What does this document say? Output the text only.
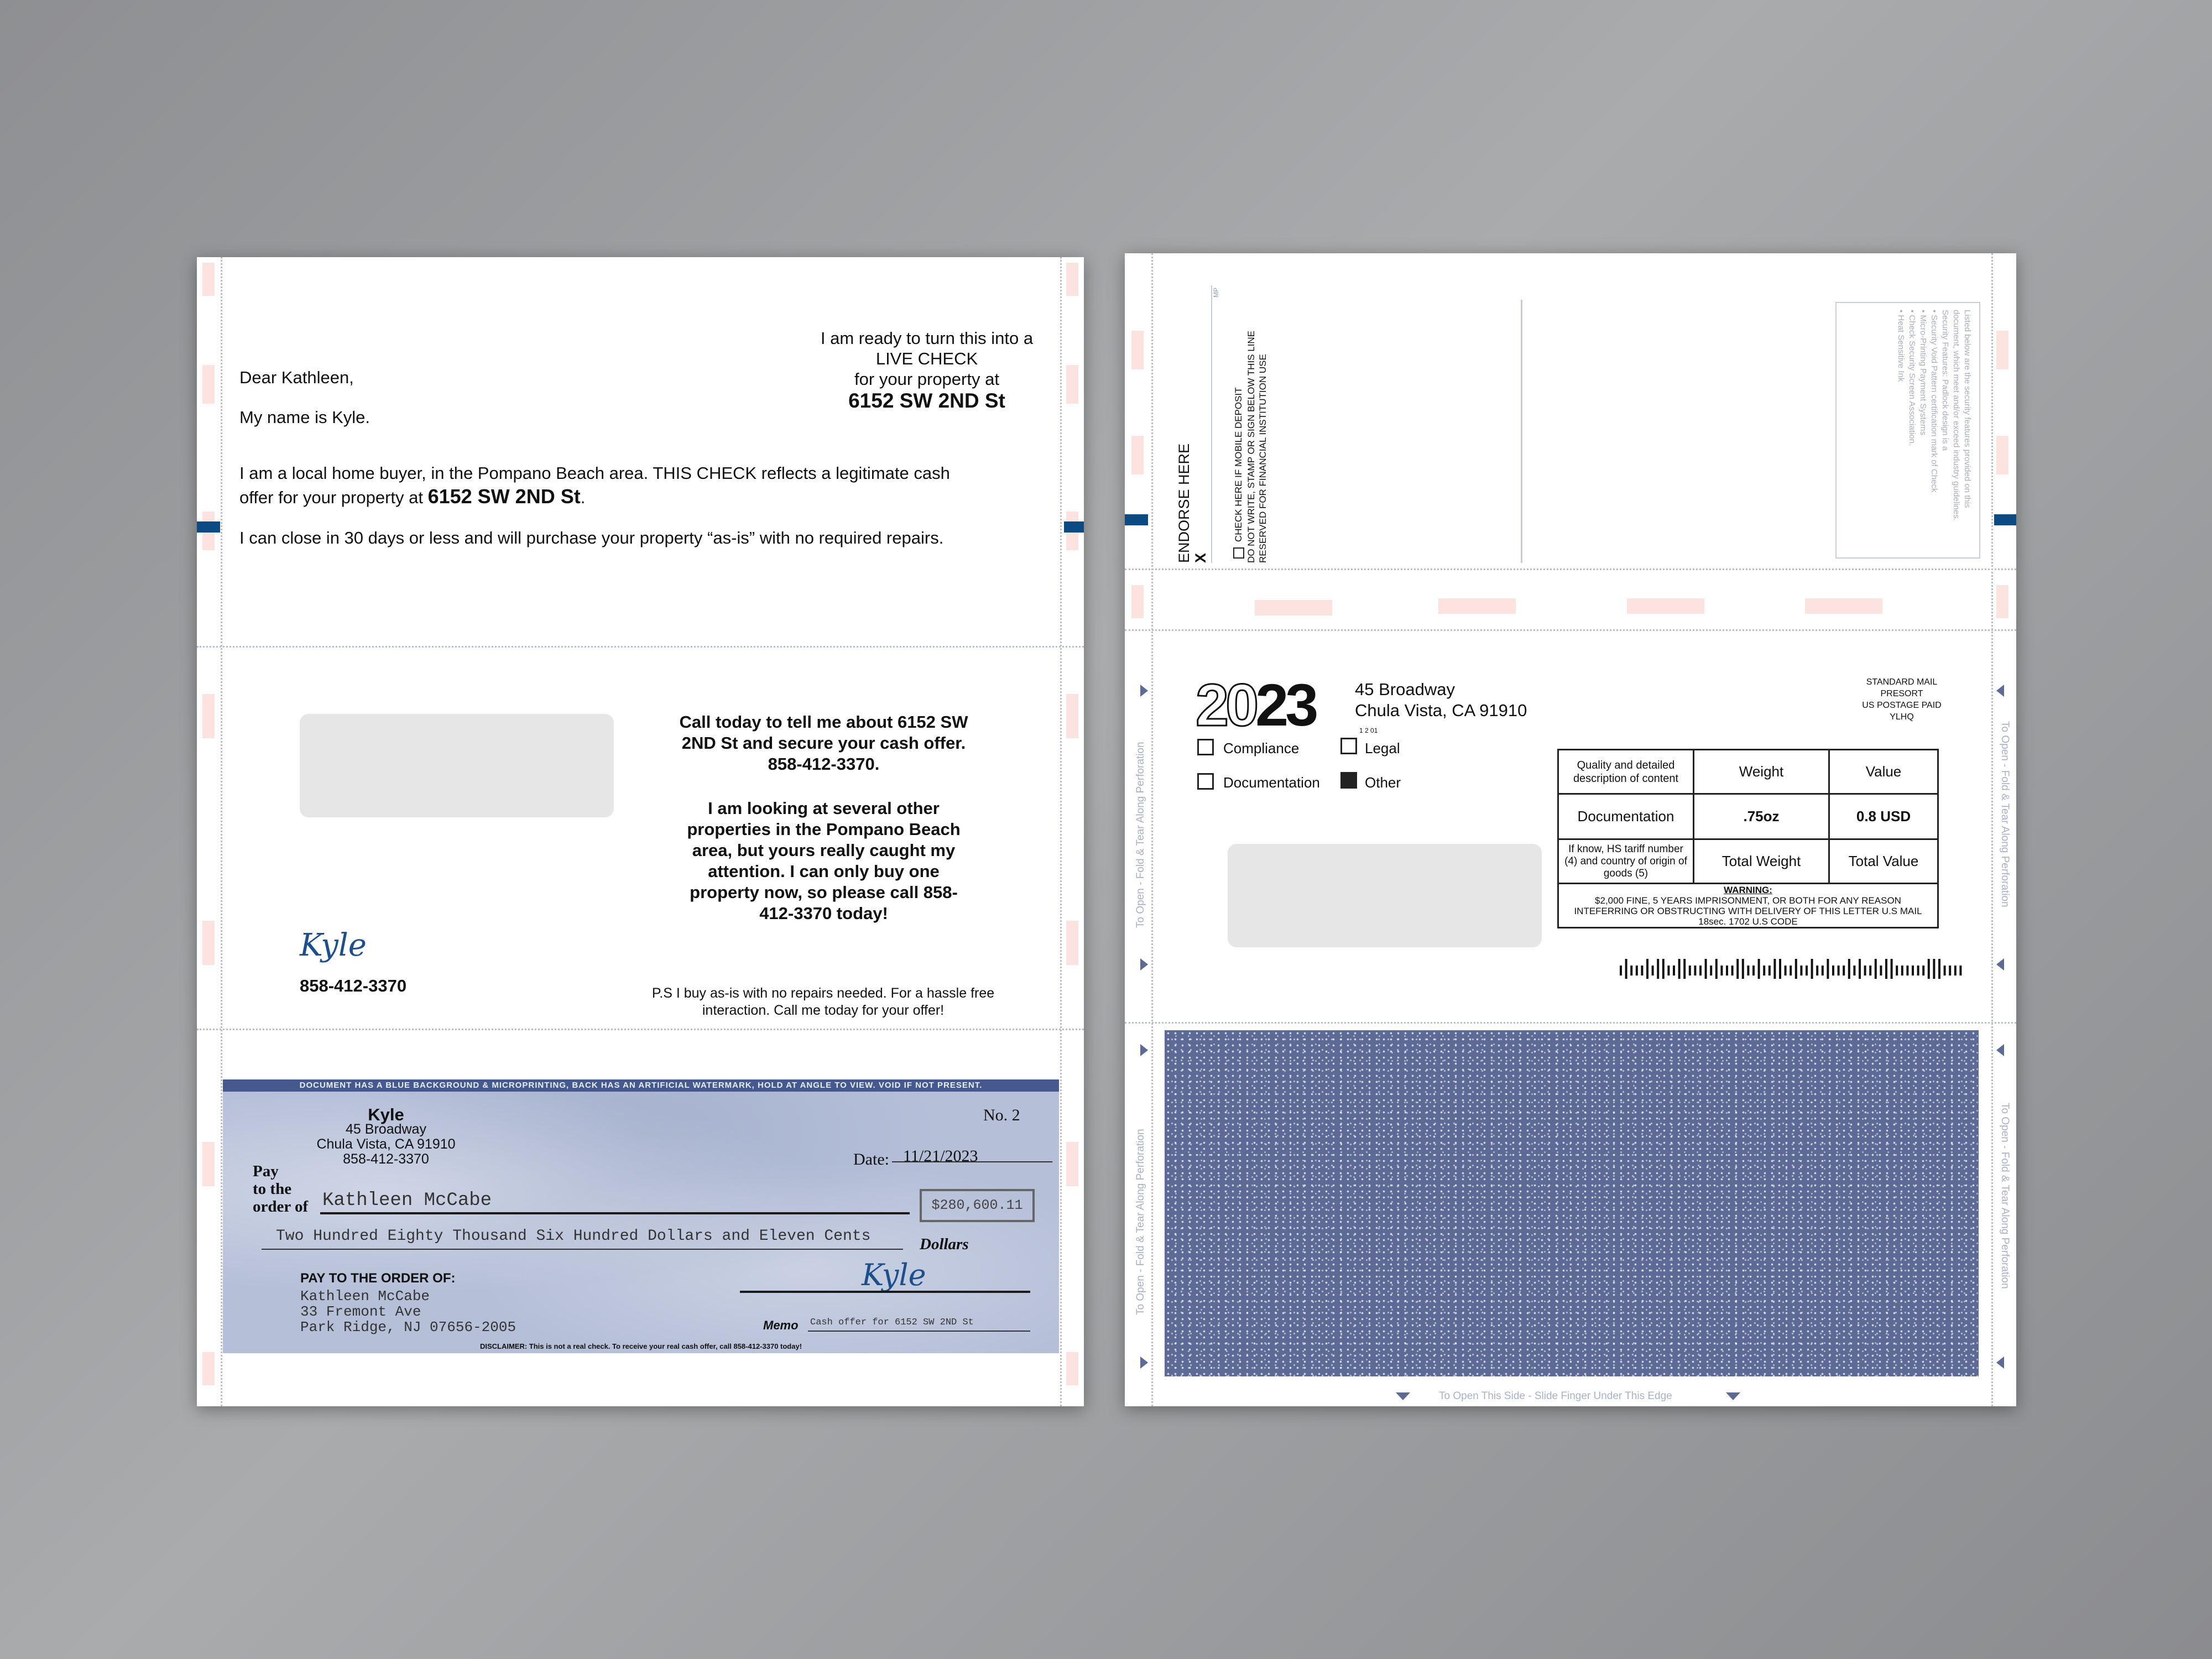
I am ready to turn this into a
LIVE CHECK
for your property at
6152 SW 2ND St
Dear Kathleen,
My name is Kyle.
I am a local home buyer, in the Pompano Beach area. THIS CHECK reflects a legitimate cash
offer for your property at 6152 SW 2ND St.
I can close in 30 days or less and will purchase your property “as-is” with no required repairs.
Call today to tell me about 6152 SW 2ND St and secure your cash offer. 858-412-3370.
I am looking at several other properties in the Pompano Beach area, but yours really caught my attention. I can only buy one property now, so please call 858-412-3370 today!
Kyle
858-412-3370	P.S I buy as-is with no repairs needed. For a hassle free interaction. Call me today for your offer!
DOCUMENT HAS A BLUE BACKGROUND & MICROPRINTING, BACK HAS AN ARTIFICIAL WATERMARK, HOLD AT ANGLE TO VIEW. VOID IF NOT PRESENT.
Kyle
45 Broadway
Chula Vista, CA 91910
858-412-3370
No. 2
Date: 11/21/2023
Pay
to the
order of Kathleen McCabe	$280,600.11
Two Hundred Eighty Thousand Six Hundred Dollars and Eleven Cents	Dollars
PAY TO THE ORDER OF:
Kathleen McCabe
33 Fremont Ave
Park Ridge, NJ 07656-2005
Kyle
Memo Cash offer for 6152 SW 2ND St
DISCLAIMER: This is not a real check. To receive your real cash offer, call 858-412-3370 today!
ENDORSE HERE X
MP
CHECK HERE IF MOBILE DEPOSIT DO NOT WRITE, STAMP OR SIGN BELOW THIS LINE RESERVED FOR FINANCIAL INSTITUTION USE	Listed below are the security features provided on this
document, which meet and/or exceed industry guidelines.
Security Features: Padlock design is a
• Security Void Pattern certification mark of Check
• Micro-Printing Payment Systems
• Check Security Screen Association.
• Heat Sensitive Ink
2023 45 Broadway
Chula Vista, CA 91910
1 2 01
Compliance	Legal
Documentation	Other
STANDARD MAIL
PRESORT
US POSTAGE PAID
YLHQ
Quality and detailed description of content	Weight	Value
Documentation	.75oz	0.8 USD
If know, HS tariff number (4) and country of origin of goods (5)	Total Weight	Total Value

WARNING:
$2,000 FINE, 5 YEARS IMPRISONMENT, OR BOTH FOR ANY REASON INTEFERRING OR OBSTRUCTING WITH DELIVERY OF THIS LETTER U.S MAIL 18sec. 1702 U.S CODE		
To Open - Fold & Tear Along Perforation
To Open - Fold & Tear Along Perforation
To Open - Fold & Tear Along Perforation
To Open - Fold & Tear Along Perforation
To Open This Side - Slide Finger Under This Edge
